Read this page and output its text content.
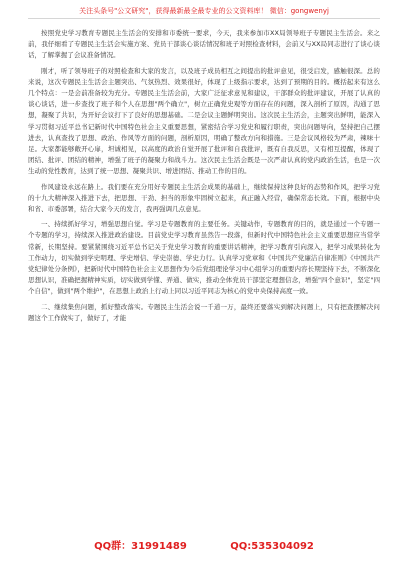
关注头条号"公文研究"，获得最新最全最专业的公文资料库！ 微信：gongwenyj

按照党史学习教育专题民主生活会的安排和市委统一要求，今天，我来参加市XX局领导班子专题民主生活会。来之前，我仔细看了专题民主生活会实施方案、党员干部谈心谈话情况和班子对照检查材料，会前又与XX局同志进行了谈心谈话，了解掌握了会议准备情况。

刚才，听了领导班子的对照检查和大家的发言，以及班子成员相互之间提出的批评意见，很受启发，感触很深。总的来说，这次专题民主生活会主题突出、气氛热烈、效果很好，体现了上级指示要求，达到了预期的目的。概括起来有这么几个特点：一是会前准备较为充分。专题民主生活会前，大家广泛征求意见和建议，干部群众的批评建议，开展了认真的谈心谈话，进一步查找了班子和个人在思想"两个确立"，树立正确党史观等方面存在的问题，深入剖析了原因，沟通了思想，凝聚了共识，为开好会议打下了良好的思想基础。二是会议主题鲜明突出。这次民主生活会，主题突出鲜明，能深入学习贯彻习近平总书记新时代中国特色社会主义重要思想，紧密结合学习党史和履行职责，突出问题导向，坚持把自己摆进去，认真查找了思想、政治、作风等方面的问题，剖析原因，明确了整改方向和措施。三是会议风格较为严肃，辣味十足。大家都能够敞开心扉，坦诚相见，以高度的政治自觉开展了批评和自我批评，既有自我反思，又有相互提醒，体现了团结、批评、团结的精神，增强了班子的凝聚力和战斗力。这次民主生活会既是一次严肃认真的党内政治生活，也是一次生动的党性教育，达到了统一思想、凝聚共识、增进团结、推动工作的目的。

作风建设永远在路上。我们要在充分用好专题民主生活会成果的基础上，继续保持这种良好的态势和作风，把学习党的十九大精神深入推进下去，把思想、干劲、担当的形象牢固树立起来，真正融入经营，确保常态长效。下面，根据中央和省、市委部署，结合大家今天的发言，我再强调几点意见。

一、持续抓好学习，增强思想自觉。学习是专题教育的主要任务。关键动作，专题教育的目的，就是通过一个专题一个专题的学习，持续深入推进政治建设。目前党史学习教育虽然告一段落，但新时代中国特色社会主义重要思想应当常学常新，长期坚持。要紧紧围绕习近平总书记关于党史学习教育的重要讲话精神，把学习教育引向深入，把学习成果转化为工作动力，切实做到学史明理、学史增信、学史崇德、学史力行。认真学习党章和《中国共产党廉洁自律准则》《中国共产党纪律处分条例》，把新时代中国特色社会主义思想作为今后党组理论学习中心组学习的重要内容长期坚持下去，不断深化思想认识，准确把握精神实质，切实做到学懂、弄通、做实，推动全体党员干部坚定理想信念，增强"四个意识"，坚定"四个自信"，做到"两个维护"，在思想上政治上行动上同以习近平同志为核心的党中央保持高度一致。

二、继续集焦问题，抓好整改落实。专题民主生活会说一千道一万，最终还要落实到解决问题上，只有把查摆解决问题这个工作做实了，做好了，才能

QQ群：31991489	QQ:535304092
